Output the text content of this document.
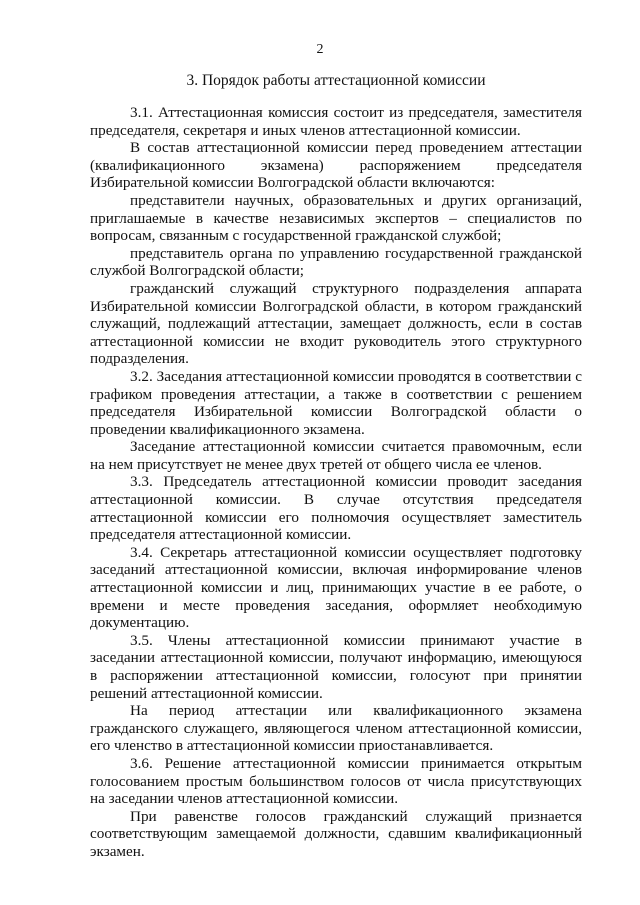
2
3. Порядок работы аттестационной комиссии

3.1. Аттестационная комиссия состоит из председателя, заместителя председателя, секретаря и иных членов аттестационной комиссии.

В состав аттестационной комиссии перед проведением аттестации (квалификационного экзамена) распоряжением председателя Избирательной комиссии Волгоградской области включаются:

представители научных, образовательных и других организаций, приглашаемые в качестве независимых экспертов – специалистов по вопросам, связанным с государственной гражданской службой;

представитель органа по управлению государственной гражданской службой Волгоградской области;

гражданский служащий структурного подразделения аппарата Избирательной комиссии Волгоградской области, в котором гражданский служащий, подлежащий аттестации, замещает должность, если в состав аттестационной комиссии не входит руководитель этого структурного подразделения.

3.2. Заседания аттестационной комиссии проводятся в соответствии с графиком проведения аттестации, а также в соответствии с решением председателя Избирательной комиссии Волгоградской области о проведении квалификационного экзамена.

Заседание аттестационной комиссии считается правомочным, если на нем присутствует не менее двух третей от общего числа ее членов.

3.3. Председатель аттестационной комиссии проводит заседания аттестационной комиссии. В случае отсутствия председателя аттестационной комиссии его полномочия осуществляет заместитель председателя аттестационной комиссии.

3.4. Секретарь аттестационной комиссии осуществляет подготовку заседаний аттестационной комиссии, включая информирование членов аттестационной комиссии и лиц, принимающих участие в ее работе, о времени и месте проведения заседания, оформляет необходимую документацию.

3.5. Члены аттестационной комиссии принимают участие в заседании аттестационной комиссии, получают информацию, имеющуюся в распоряжении аттестационной комиссии, голосуют при принятии решений аттестационной комиссии.

На период аттестации или квалификационного экзамена гражданского служащего, являющегося членом аттестационной комиссии, его членство в аттестационной комиссии приостанавливается.

3.6. Решение аттестационной комиссии принимается открытым голосованием простым большинством голосов от числа присутствующих на заседании членов аттестационной комиссии.

При равенстве голосов гражданский служащий признается соответствующим замещаемой должности, сдавшим квалификационный экзамен.
